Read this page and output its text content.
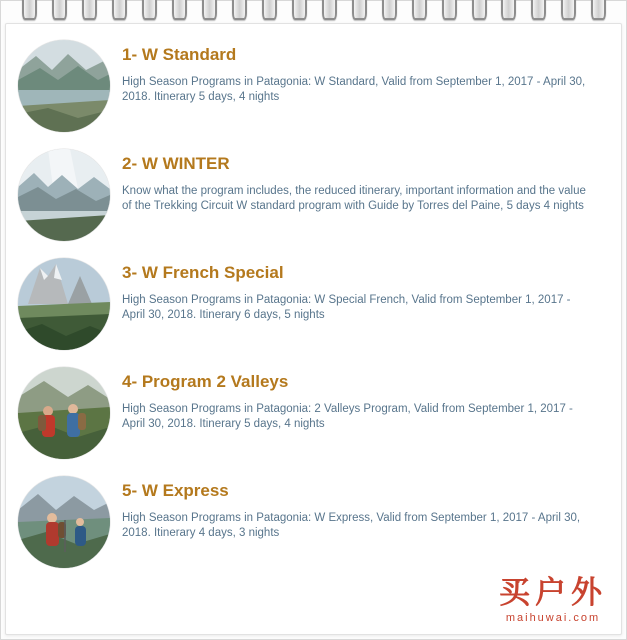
1- W Standard

High Season Programs in Patagonia: W Standard, Valid from September 1, 2017 - April 30, 2018. Itinerary 5 days, 4 nights

2- W WINTER

Know what the program includes, the reduced itinerary, important information and the value of the Trekking Circuit W standard program with Guide by Torres del Paine, 5 days 4 nights

3- W French Special

High Season Programs in Patagonia: W Special French, Valid from September 1, 2017 - April 30, 2018. Itinerary 6 days, 5 nights

4- Program 2 Valleys

High Season Programs in Patagonia: 2 Valleys Program, Valid from September 1, 2017 - April 30, 2018. Itinerary 5 days, 4 nights

5- W Express

High Season Programs in Patagonia: W Express, Valid from September 1, 2017 - April 30, 2018. Itinerary 4 days, 3 nights

买户外
maihuwai.com
